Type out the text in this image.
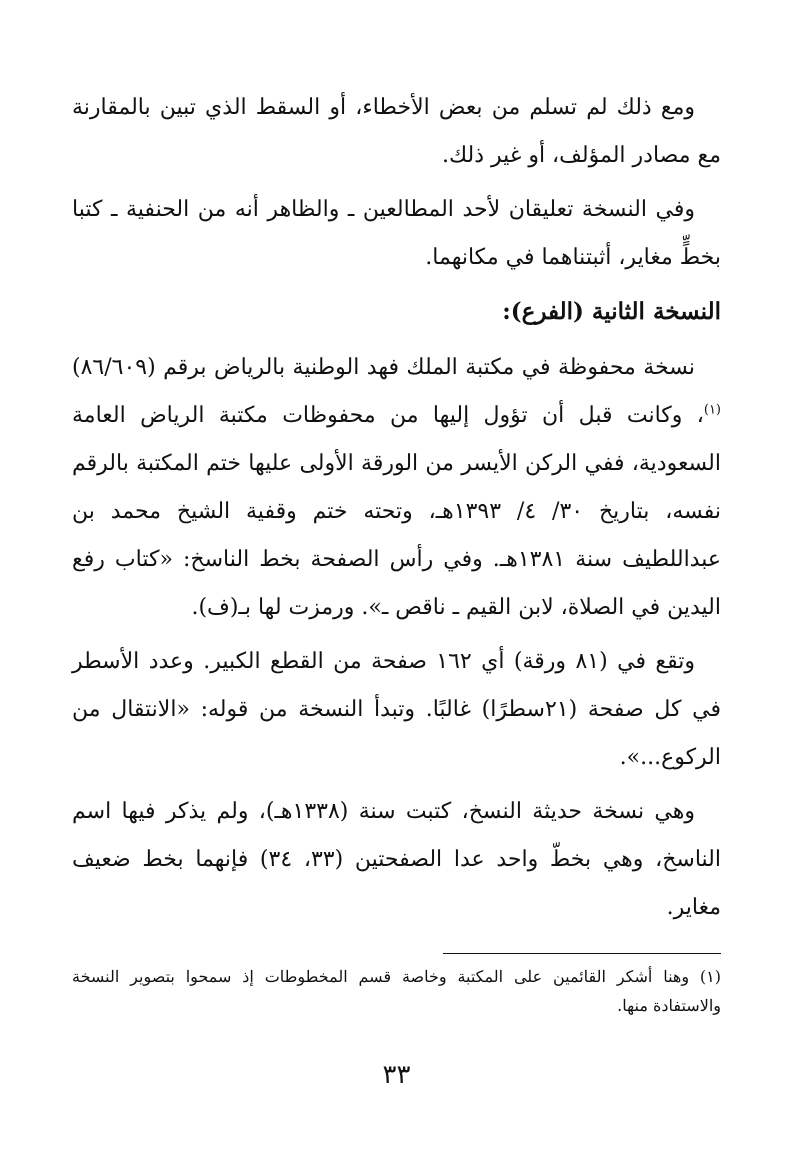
ومع ذلك لم تسلم من بعض الأخطاء، أو السقط الذي تبين بالمقارنة مع مصادر المؤلف، أو غير ذلك.

وفي النسخة تعليقان لأحد المطالعين ـ والظاهر أنه من الحنفية ـ كتبا بخطٍّ مغاير، أثبتناهما في مكانهما.

النسخة الثانية (الفرع):

نسخة محفوظة في مكتبة الملك فهد الوطنية بالرياض برقم (٨٦/٦٠٩)$^{(١)}$، وكانت قبل أن تؤول إليها من محفوظات مكتبة الرياض العامة السعودية، ففي الركن الأيسر من الورقة الأولى عليها ختم المكتبة بالرقم نفسه، بتاريخ ٣٠/ ٤/ ١٣٩٣هـ، وتحته ختم وقفية الشيخ محمد بن عبداللطيف سنة ١٣٨١هـ. وفي رأس الصفحة بخط الناسخ: «كتاب رفع اليدين في الصلاة، لابن القيم ـ ناقص ـ». ورمزت لها بـ(ف).

وتقع في (٨١ ورقة) أي ١٦٢ صفحة من القطع الكبير. وعدد الأسطر في كل صفحة (٢١سطرًا) غالبًا. وتبدأ النسخة من قوله: «الانتقال من الركوع...».

وهي نسخة حديثة النسخ، كتبت سنة (١٣٣٨هـ)، ولم يذكر فيها اسم الناسخ، وهي بخطّ واحد عدا الصفحتين (٣٣، ٣٤) فإنهما بخط ضعيف مغاير.

(١) وهنا أشكر القائمين على المكتبة وخاصة قسم المخطوطات إذ سمحوا بتصوير النسخة والاستفادة منها.
٣٣
